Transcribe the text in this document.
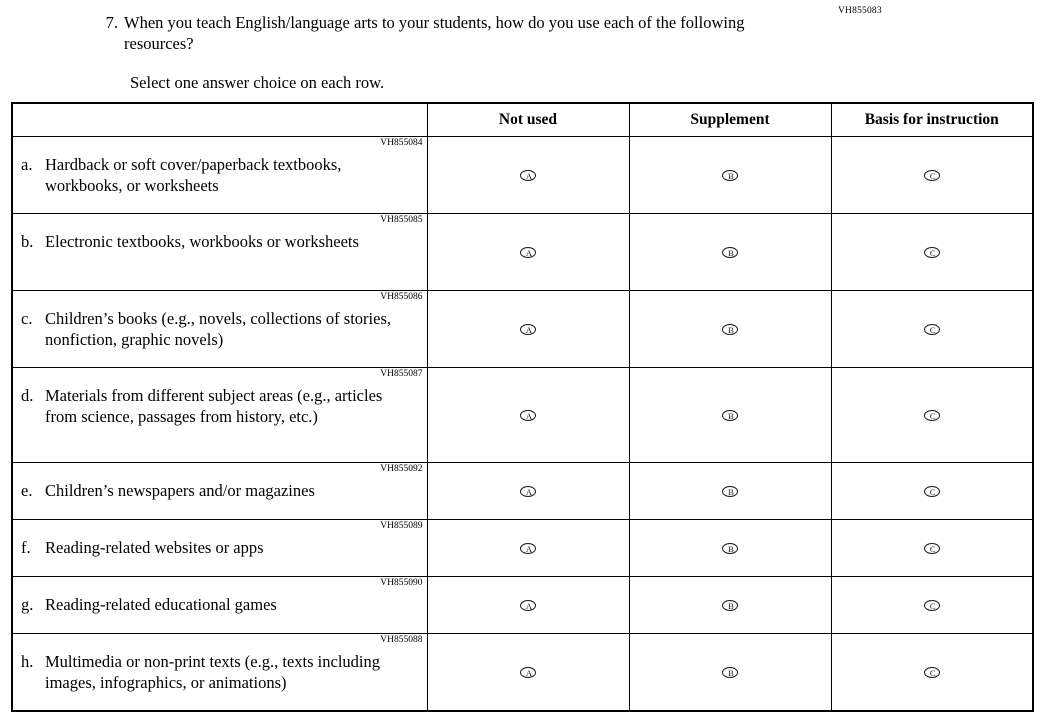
VH855083
7. When you teach English/language arts to your students, how do you use each of the following resources?
Select one answer choice on each row.
	Not used	Supplement	Basis for instruction

VH855084
a. Hardback or soft cover/paperback textbooks, workbooks, or worksheets	A	B	C

VH855085
b. Electronic textbooks, workbooks or worksheets	A	B	C

VH855086
c. Children’s books (e.g., novels, collections of stories, nonfiction, graphic novels)	A	B	C

VH855087
d. Materials from different subject areas (e.g., articles from science, passages from history, etc.)	A	B	C

VH855092
e. Children’s newspapers and/or magazines	A	B	C

VH855089
f. Reading-related websites or apps	A	B	C

VH855090
g. Reading-related educational games	A	B	C

VH855088
h. Multimedia or non-print texts (e.g., texts including images, infographics, or animations)	A	B	C
